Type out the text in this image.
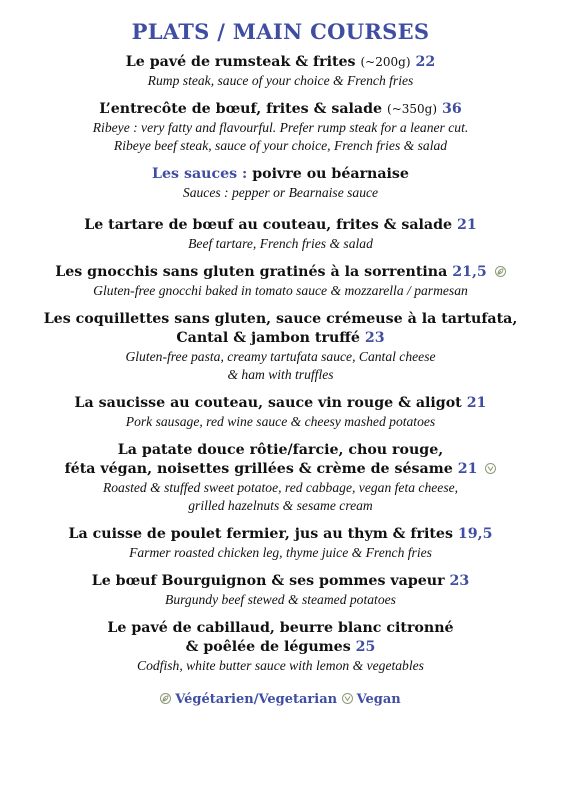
PLATS / MAIN COURSES
Le pavé de rumsteak & frites (~200g) 22
Rump steak, sauce of your choice & French fries
L’entrecôte de bœuf, frites & salade (~350g) 36
Ribeye : very fatty and flavourful. Prefer rump steak for a leaner cut.
Ribeye beef steak, sauce of your choice, French fries & salad
Les sauces : poivre ou béarnaise
Sauces : pepper or Bearnaise sauce
Le tartare de bœuf au couteau, frites & salade 21
Beef tartare, French fries & salad
Les gnocchis sans gluten gratinés à la sorrentina 21,5
Gluten-free gnocchi baked in tomato sauce & mozzarella / parmesan
Les coquillettes sans gluten, sauce crémeuse à la tartufata,
Cantal & jambon truffé 23
Gluten-free pasta, creamy tartufata sauce, Cantal cheese
& ham with truffles
La saucisse au couteau, sauce vin rouge & aligot 21
Pork sausage, red wine sauce & cheesy mashed potatoes
La patate douce rôtie/farcie, chou rouge,
féta végan, noisettes grillées & crème de sésame 21
Roasted & stuffed sweet potatoe, red cabbage, vegan feta cheese,
grilled hazelnuts & sesame cream
La cuisse de poulet fermier, jus au thym & frites 19,5
Farmer roasted chicken leg, thyme juice & French fries
Le bœuf Bourguignon & ses pommes vapeur 23
Burgundy beef stewed & steamed potatoes
Le pavé de cabillaud, beurre blanc citronné
& poêlée de légumes 25
Codfish, white butter sauce with lemon & vegetables
Végétarien/Vegetarian Vegan
